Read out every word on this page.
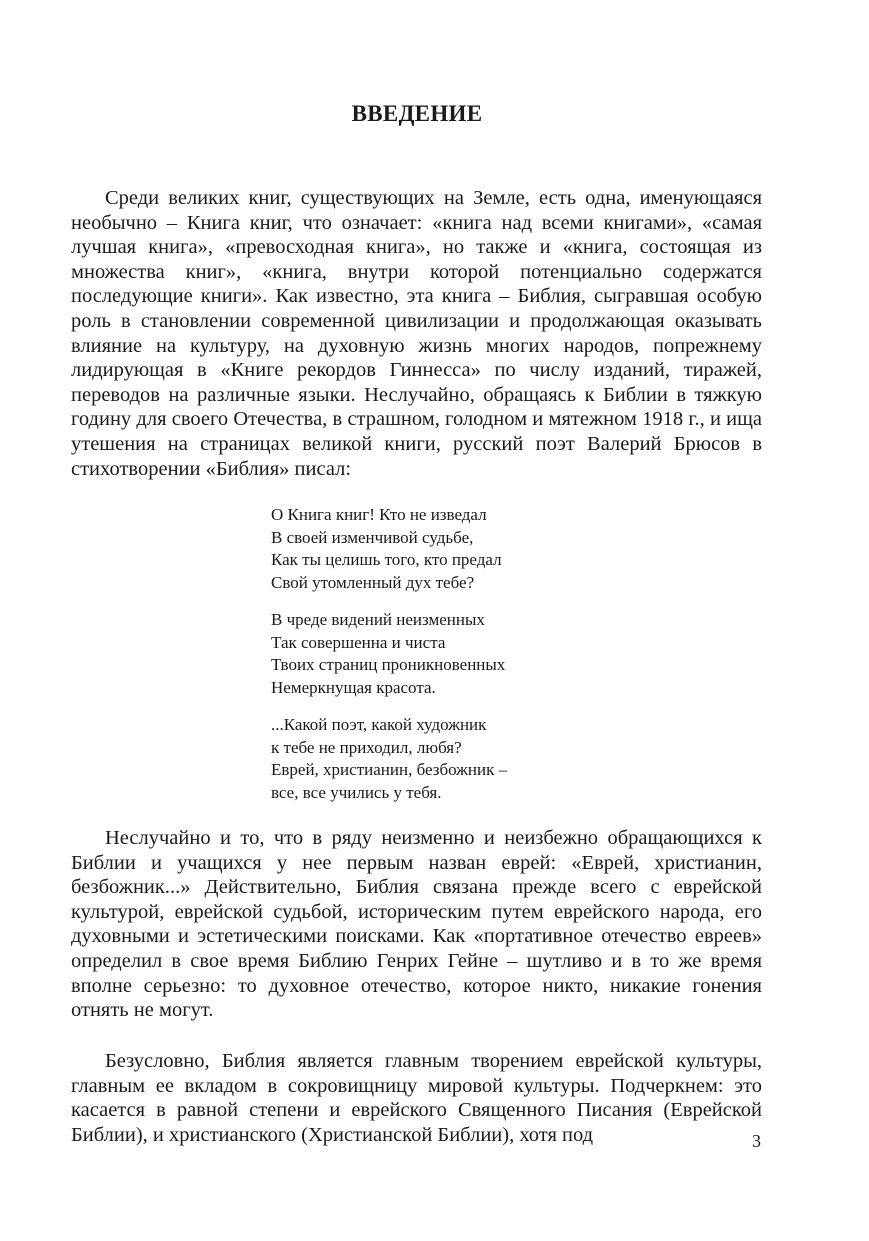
ВВЕДЕНИЕ

Среди великих книг, существующих на Земле, есть одна, именующаяся необычно – Книга книг, что означает: «книга над всеми книгами», «самая лучшая книга», «превосходная книга», но также и «книга, состоящая из множества книг», «книга, внутри которой потенциально содержатся последующие книги». Как известно, эта книга – Библия, сыгравшая особую роль в становлении современной цивилизации и продолжающая оказывать влияние на культуру, на духовную жизнь многих народов, попрежнему лидирующая в «Книге рекордов Гиннесса» по числу изданий, тиражей, переводов на различные языки. Неслучайно, обращаясь к Библии в тяжкую годину для своего Отечества, в страшном, голодном и мятежном 1918 г., и ища утешения на страницах великой книги, русский поэт Валерий Брюсов в стихотворении «Библия» писал:

О Книга книг! Кто не изведал
В своей изменчивой судьбе,
Как ты целишь того, кто предал
Свой утомленный дух тебе?

В чреде видений неизменных
Так совершенна и чиста
Твоих страниц проникновенных
Немеркнущая красота.

...Какой поэт, какой художник
к тебе не приходил, любя?
Еврей, христианин, безбожник –
все, все учились у тебя.

Неслучайно и то, что в ряду неизменно и неизбежно обращающихся к Библии и учащихся у нее первым назван еврей: «Еврей, христианин, безбожник...» Действительно, Библия связана прежде всего с еврейской культурой, еврейской судьбой, историческим путем еврейского народа, его духовными и эстетическими поисками. Как «портативное отечество евреев» определил в свое время Библию Генрих Гейне – шутливо и в то же время вполне серьезно: то духовное отечество, которое никто, никакие гонения отнять не могут.

Безусловно, Библия является главным творением еврейской культуры, главным ее вкладом в сокровищницу мировой культуры. Подчеркнем: это касается в равной степени и еврейского Священного Писания (Еврейской Библии), и христианского (Христианской Библии), хотя под	3
